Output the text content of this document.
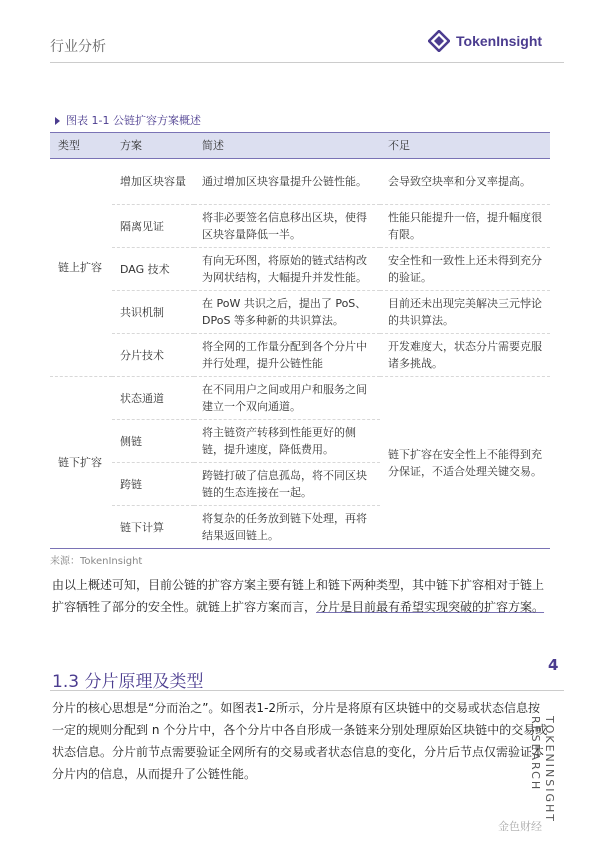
行业分析	TokenInsight
图表 1-1 公链扩容方案概述
类型	方案	简述	不足
链上扩容	增加区块容量	通过增加区块容量提升公链性能。	会导致空块率和分叉率提高。
	隔离见证	将非必要签名信息移出区块，使得区块容量降低一半。	性能只能提升一倍，提升幅度很有限。
	DAG 技术	有向无环图，将原始的链式结构改为网状结构，大幅提升并发性能。	安全性和一致性上还未得到充分的验证。
	共识机制	在 PoW 共识之后，提出了 PoS、DPoS 等多种新的共识算法。	目前还未出现完美解决三元悖论的共识算法。
	分片技术	将全网的工作量分配到各个分片中并行处理，提升公链性能	开发难度大，状态分片需要克服诸多挑战。
链下扩容	状态通道	在不同用户之间或用户和服务之间建立一个双向通道。	链下扩容在安全性上不能得到充分保证，不适合处理关键交易。
	侧链	将主链资产转移到性能更好的侧链，提升速度，降低费用。	
	跨链	跨链打破了信息孤岛，将不同区块链的生态连接在一起。	
	链下计算	将复杂的任务放到链下处理，再将结果返回链上。	
来源：TokenInsight
由以上概述可知，目前公链的扩容方案主要有链上和链下两种类型，其中链下扩容相对于链上扩容牺牲了部分的安全性。就链上扩容方案而言，分片是目前最有希望实现突破的扩容方案。
1.3 分片原理及类型
分片的核心思想是“分而治之”。如图表1-2所示，分片是将原有区块链中的交易或状态信息按一定的规则分配到 n 个分片中，各个分片中各自形成一条链来分别处理原始区块链中的交易或状态信息。分片前节点需要验证全网所有的交易或者状态信息的变化，分片后节点仅需验证本分片内的信息，从而提升了公链性能。
4
TOKENINSIGHT RESEARCH
金色财经
